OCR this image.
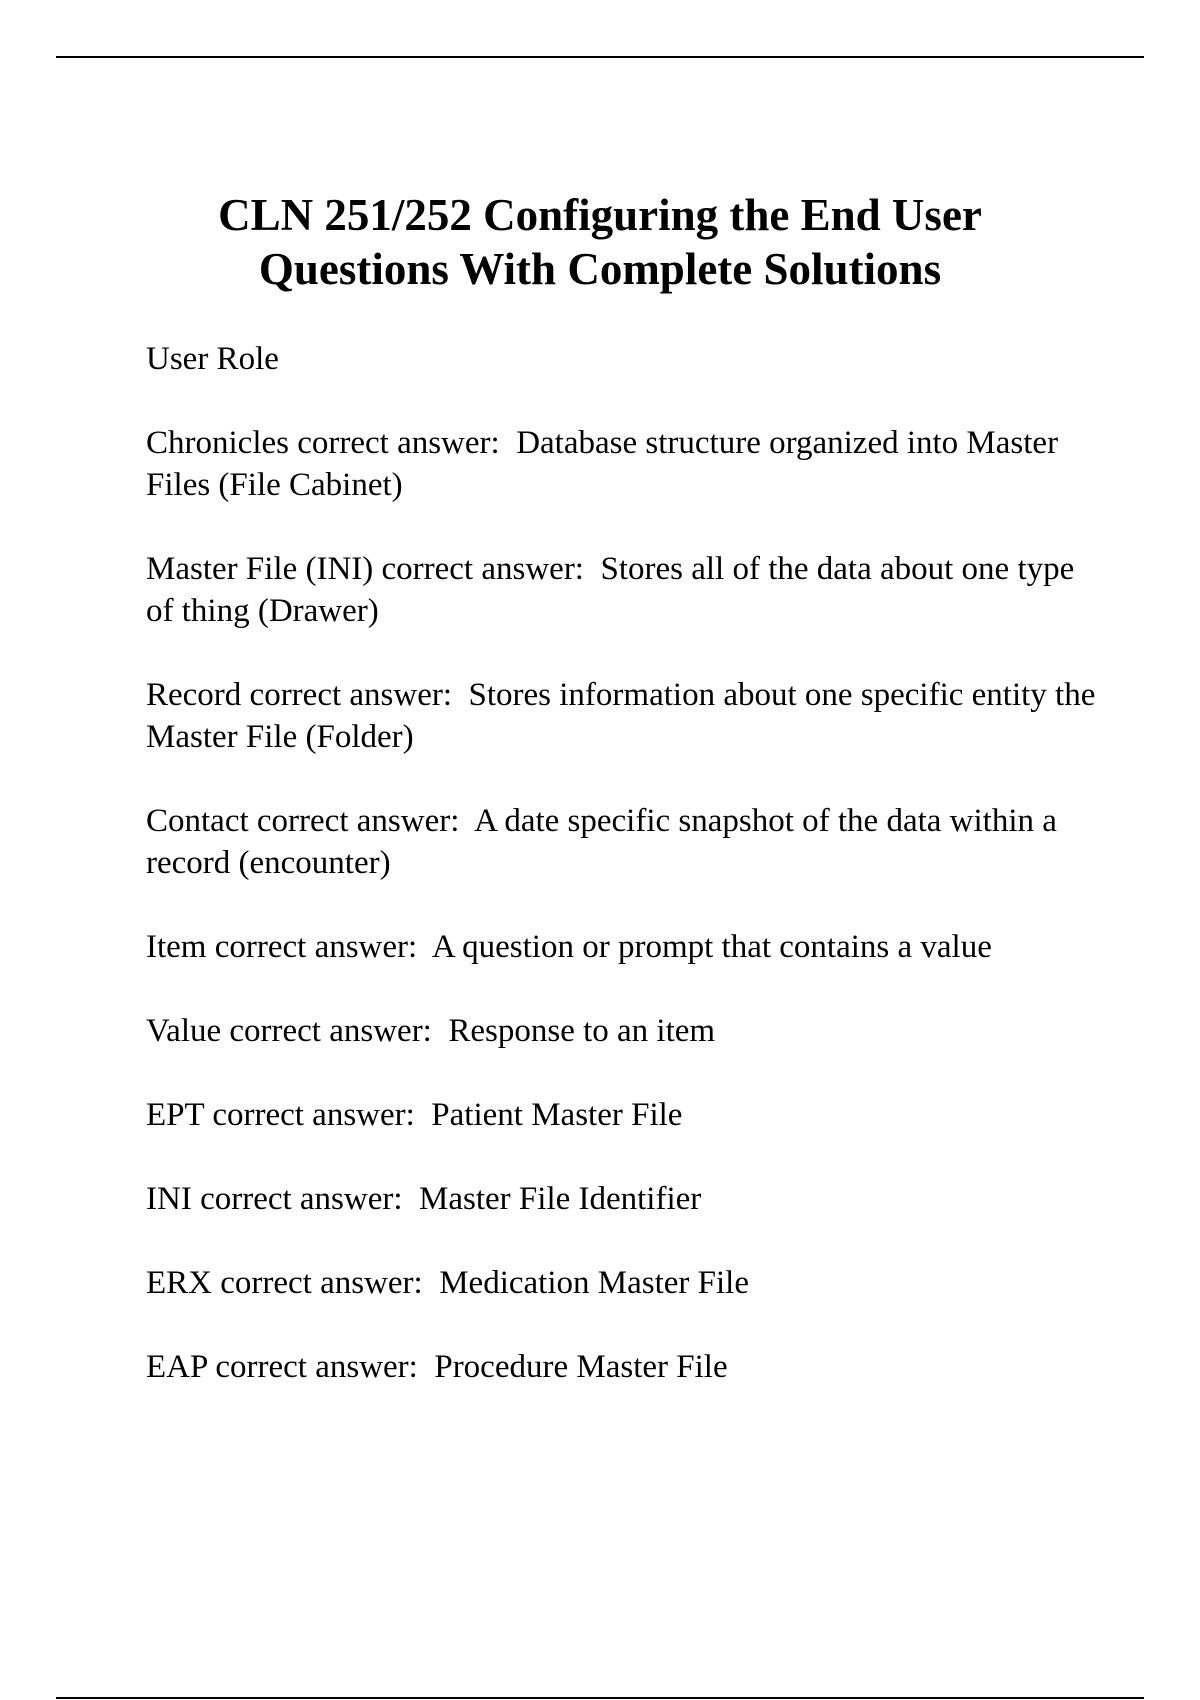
CLN 251/252 Configuring the End User
Questions With Complete Solutions

User Role

Chronicles correct answer:  Database structure organized into Master Files (File Cabinet)

Master File (INI) correct answer:  Stores all of the data about one type of thing (Drawer)

Record correct answer:  Stores information about one specific entity the Master File (Folder)

Contact correct answer:  A date specific snapshot of the data within a record (encounter)

Item correct answer:  A question or prompt that contains a value

Value correct answer:  Response to an item

EPT correct answer:  Patient Master File

INI correct answer:  Master File Identifier

ERX correct answer:  Medication Master File

EAP correct answer:  Procedure Master File
